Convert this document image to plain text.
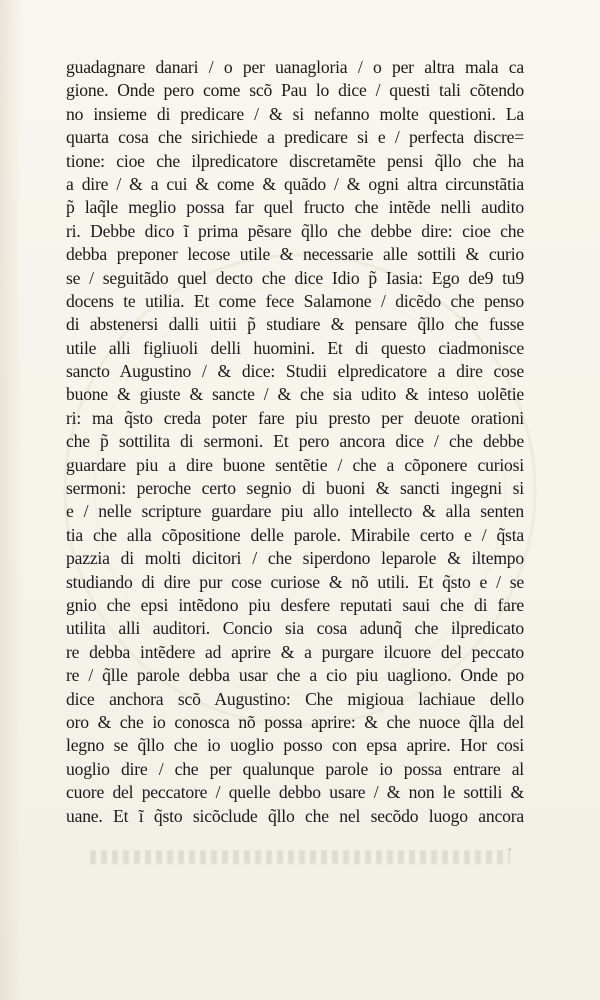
guadagnare danari / o per uanagloria / o per altra mala ca
gione. Onde pero come scõ Pau lo dice / questi tali cõtendo
no insieme di predicare / & si nefanno molte questioni. La
quarta cosa che sirichiede a predicare si e / perfecta discre=
tione: cioe che ilpredicatore discretamẽte pensi q̃llo che ha
a dire / & a cui & come & quãdo / & ogni altra circunstãtia
p̃ laq̃le meglio possa far quel fructo che intẽde nelli audito
ri. Debbe dico ĩ prima pẽsare q̃llo che debbe dire: cioe che
debba preponer lecose utile & necessarie alle sottili & curio
se / seguitãdo quel decto che dice Idio p̃ Iasia: Ego de9 tu9
docens te utilia. Et come fece Salamone / dicẽdo che penso
di abstenersi dalli uitii p̃ studiare & pensare q̃llo che fusse
utile alli figliuoli delli huomini. Et di questo ciadmonisce
sancto Augustino / & dice: Studii elpredicatore a dire cose
buone & giuste & sancte / & che sia udito & inteso uolẽtie
ri: ma q̃sto creda poter fare piu presto per deuote orationi
che p̃ sottilita di sermoni. Et pero ancora dice / che debbe
guardare piu a dire buone sentẽtie / che a cõponere curiosi
sermoni: peroche certo segnio di buoni & sancti ingegni si
e / nelle scripture guardare piu allo intellecto & alla senten
tia che alla cõpositione delle parole. Mirabile certo e / q̃sta
pazzia di molti dicitori / che siperdono leparole & iltempo
studiando di dire pur cose curiose & nõ utili. Et q̃sto e / se
gnio che epsi intẽdono piu desfere reputati saui che di fare
utilita alli auditori. Concio sia cosa adunq̃ che ilpredicato
re debba intẽdere ad aprire & a purgare ilcuore del peccato
re / q̃lle parole debba usar che a cio piu uagliono. Onde po
dice anchora scõ Augustino: Che migioua lachiaue dello
oro & che io conosca nõ possa aprire: & che nuoce q̃lla del
legno se q̃llo che io uoglio posso con epsa aprire. Hor cosi
uoglio dire / che per qualunque parole io possa entrare al
cuore del peccatore / quelle debbo usare / & non le sottili &
uane. Et ĩ q̃sto sicõclude q̃llo che nel secõdo luogo ancora
•
